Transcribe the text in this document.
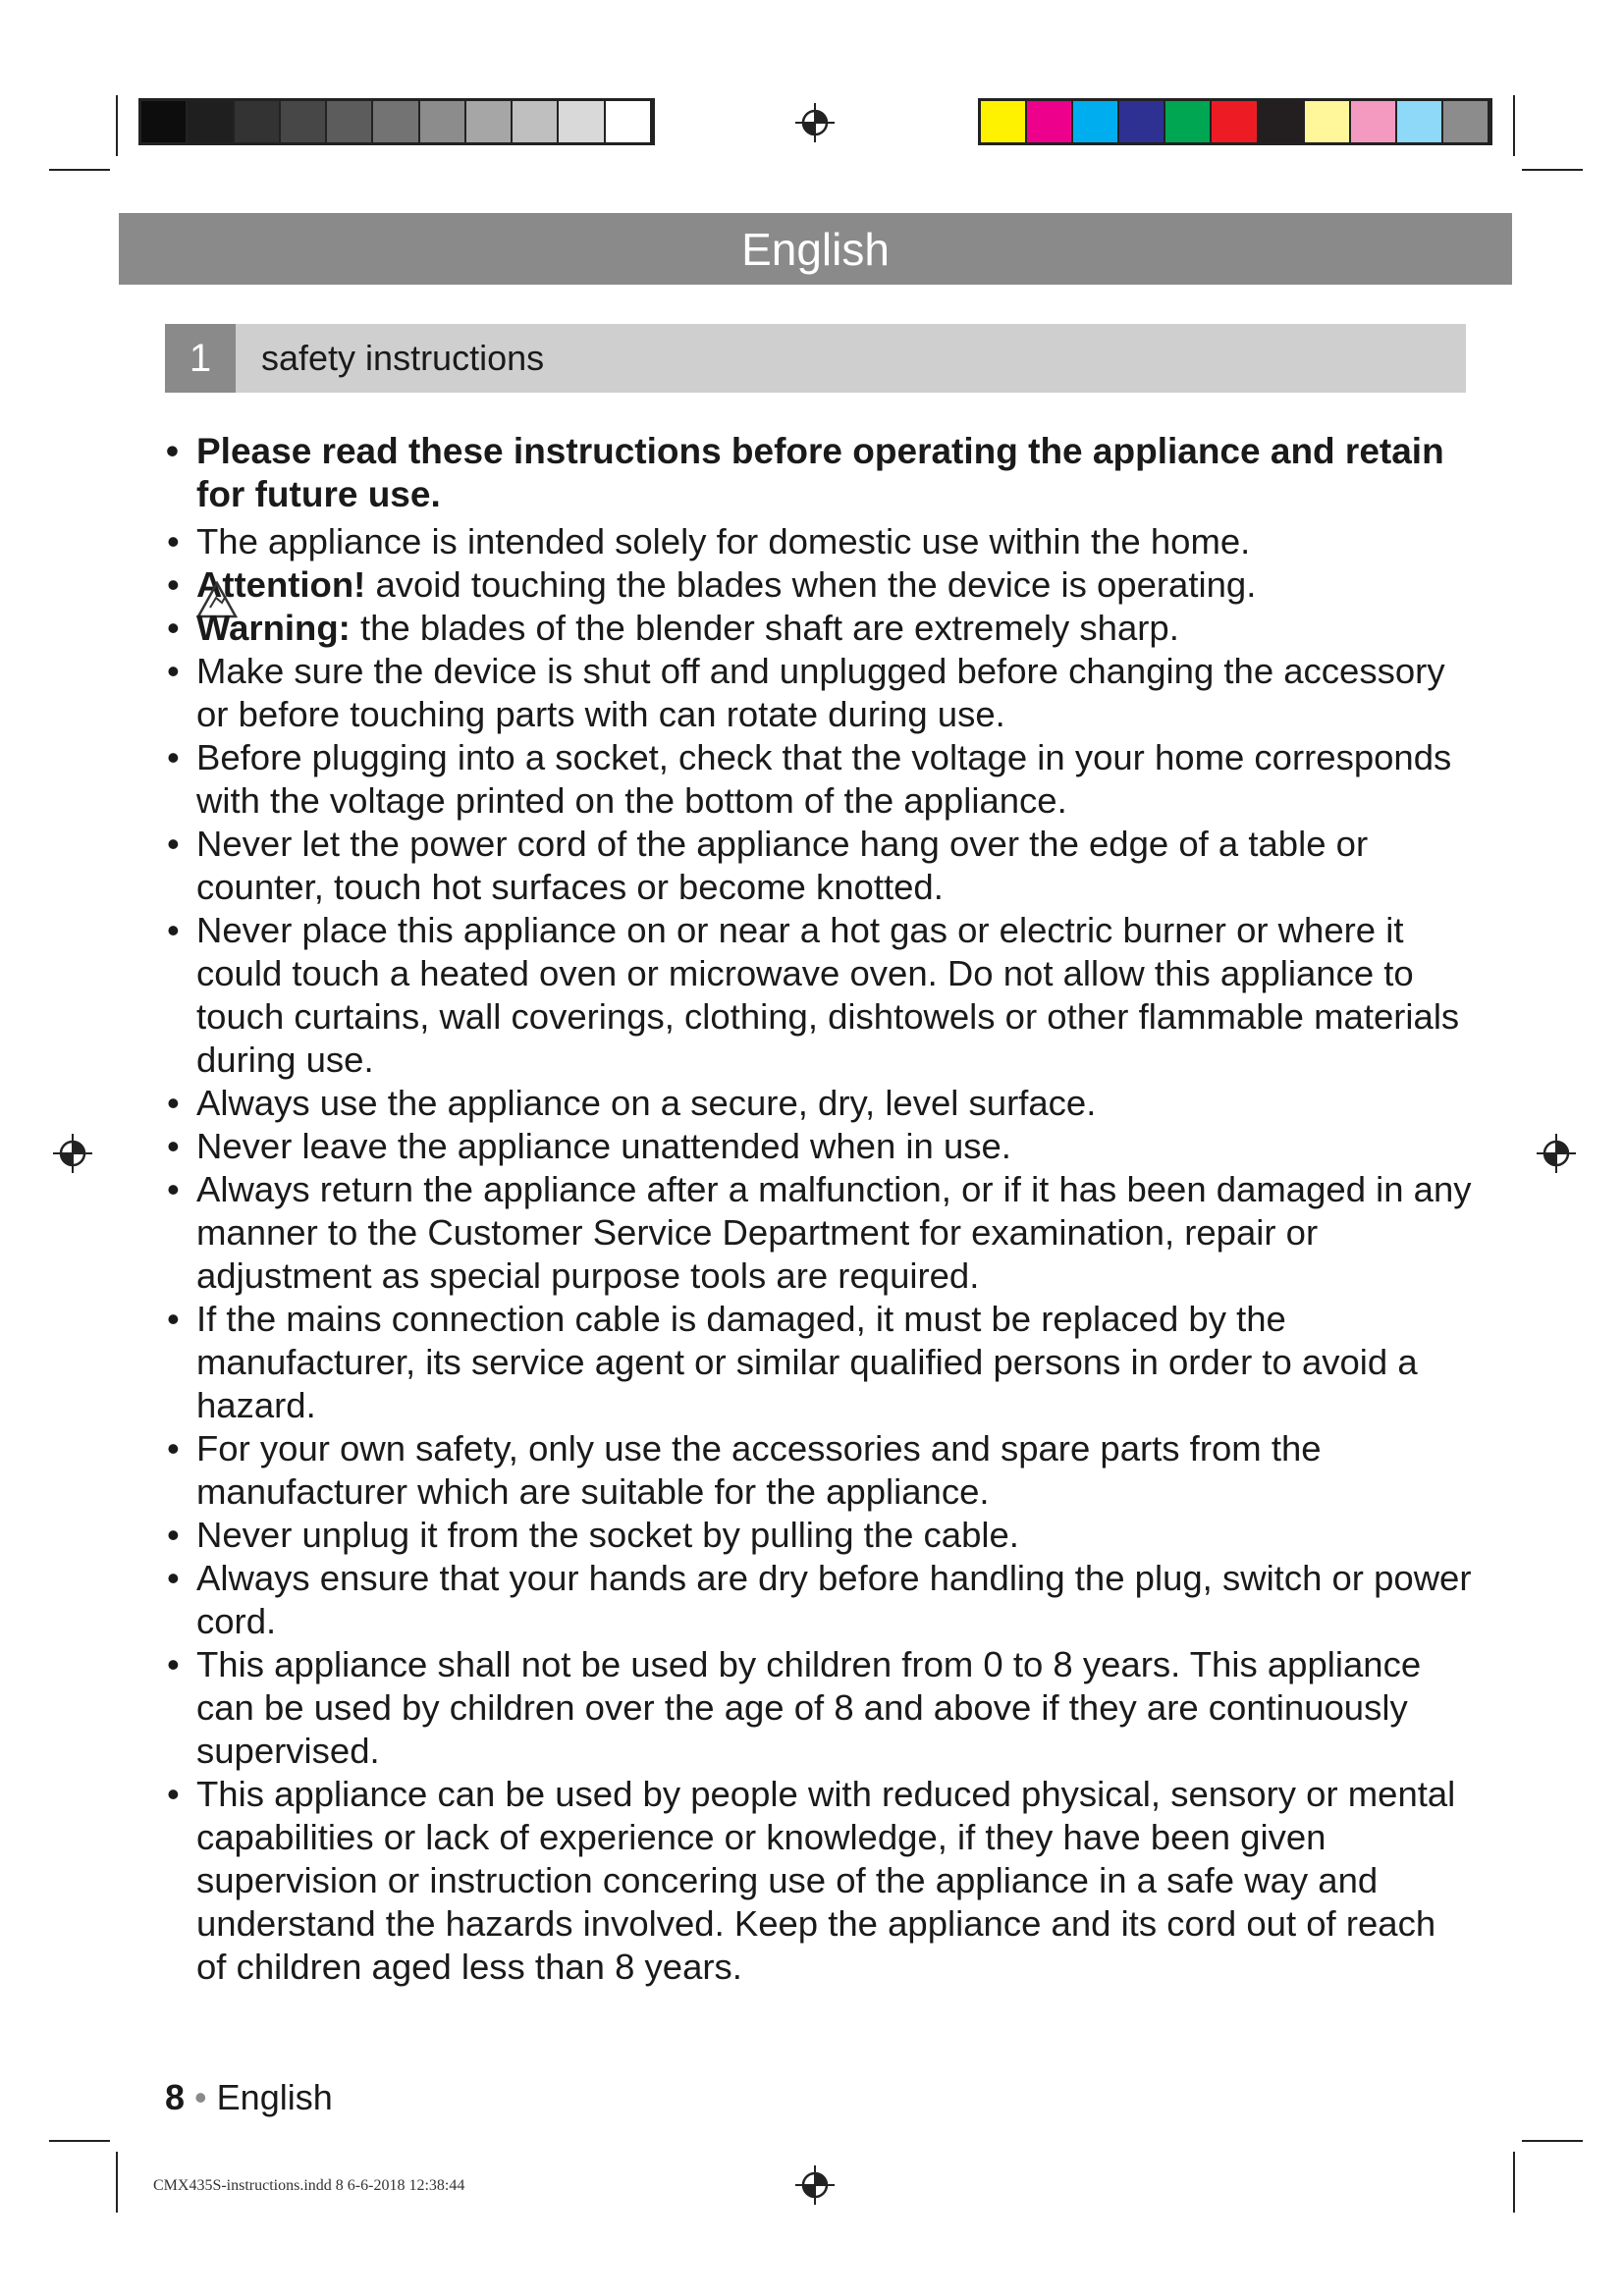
English
1	safety instructions
• Please read these instructions before operating the appliance and retain for future use.
• The appliance is intended solely for domestic use within the home.
• Attention! avoid touching the blades when the device is operating.
• Warning: the blades of the blender shaft are extremely sharp.
• Make sure the device is shut off and unplugged before changing the accessory or before touching parts with can rotate during use.
• Before plugging into a socket, check that the voltage in your home corresponds with the voltage printed on the bottom of the appliance.
• Never let the power cord of the appliance hang over the edge of a table or counter, touch hot surfaces or become knotted.
• Never place this appliance on or near a hot gas or electric burner or where it could touch a heated oven or microwave oven. Do not allow this appliance to touch curtains, wall coverings, clothing, dishtowels or other flammable materials during use.
• Always use the appliance on a secure, dry, level surface.
• Never leave the appliance unattended when in use.
• Always return the appliance after a malfunction, or if it has been damaged in any manner to the Customer Service Department for examination, repair or adjustment as special purpose tools are required.
• If the mains connection cable is damaged, it must be replaced by the manufacturer, its service agent or similar qualified persons in order to avoid a hazard.
• For your own safety, only use the accessories and spare parts from the manufacturer which are suitable for the appliance.
• Never unplug it from the socket by pulling the cable.
• Always ensure that your hands are dry before handling the plug, switch or power cord.
• This appliance shall not be used by children from 0 to 8 years. This appliance can be used by children over the age of 8 and above if they are continuously supervised.
• This appliance can be used by people with reduced physical, sensory or mental capabilities or lack of experience or knowledge, if they have been given supervision or instruction concering use of the appliance in a safe way and understand the hazards involved. Keep the appliance and its cord out of reach of children aged less than 8 years.
8 • English
CMX435S-instructions.indd 8 6-6-2018 12:38:44
